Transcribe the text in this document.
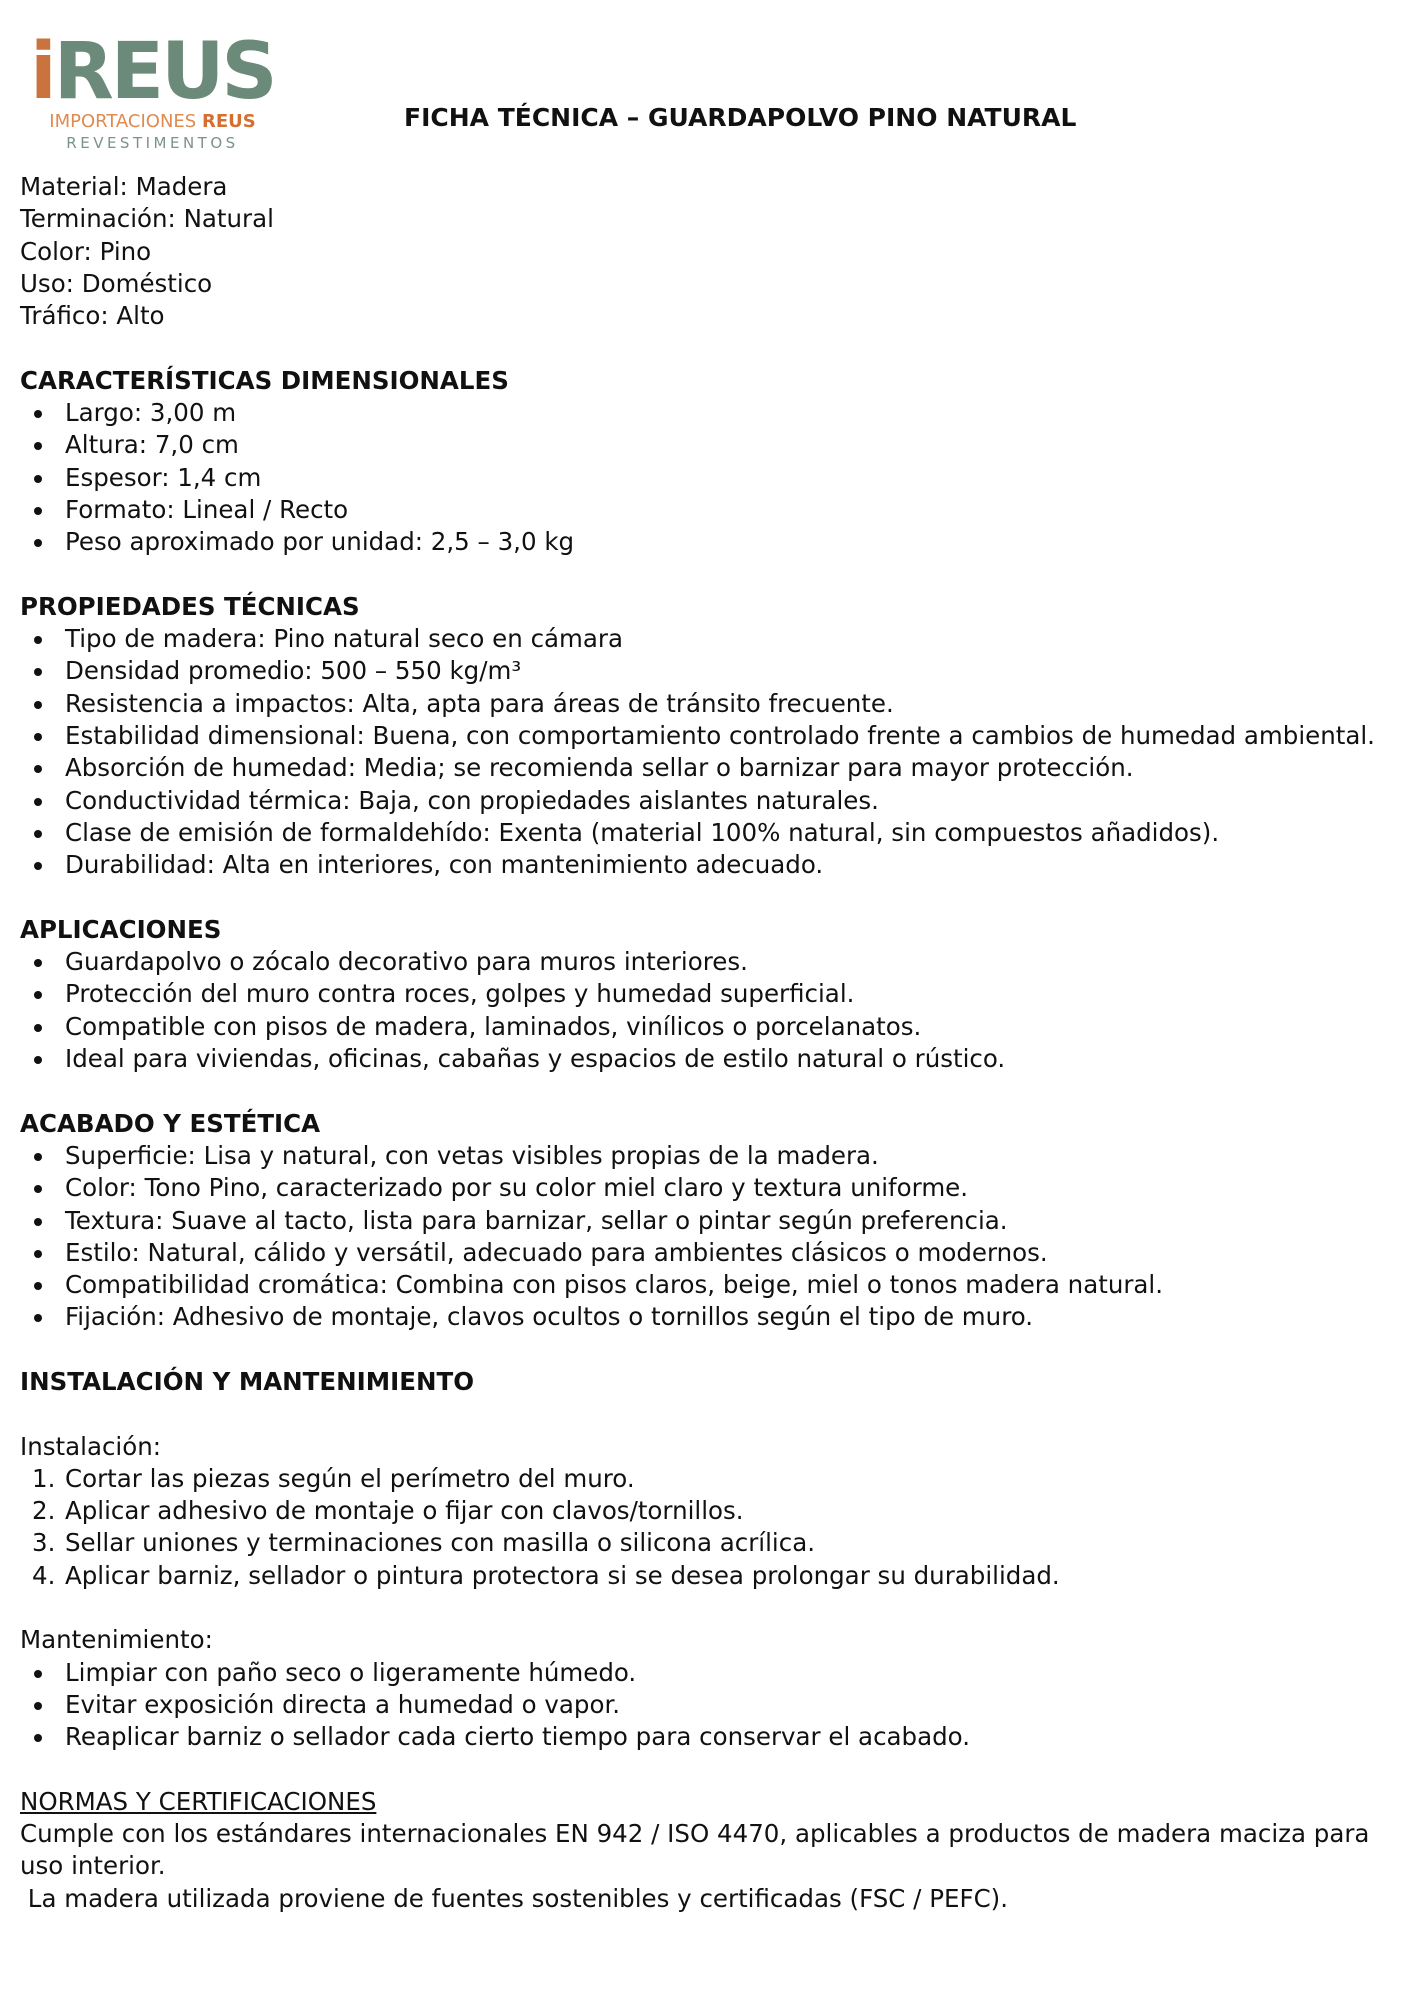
iREUS
IMPORTACIONES REUS
REVESTIMENTOS
FICHA TÉCNICA – GUARDAPOLVO PINO NATURAL
Material: Madera
Terminación: Natural
Color: Pino
Uso: Doméstico
Tráfico: Alto
CARACTERÍSTICAS DIMENSIONALES
Largo: 3,00 m
Altura: 7,0 cm
Espesor: 1,4 cm
Formato: Lineal / Recto
Peso aproximado por unidad: 2,5 – 3,0 kg
PROPIEDADES TÉCNICAS
Tipo de madera: Pino natural seco en cámara
Densidad promedio: 500 – 550 kg/m³
Resistencia a impactos: Alta, apta para áreas de tránsito frecuente.
Estabilidad dimensional: Buena, con comportamiento controlado frente a cambios de humedad ambiental.
Absorción de humedad: Media; se recomienda sellar o barnizar para mayor protección.
Conductividad térmica: Baja, con propiedades aislantes naturales.
Clase de emisión de formaldehído: Exenta (material 100% natural, sin compuestos añadidos).
Durabilidad: Alta en interiores, con mantenimiento adecuado.
APLICACIONES
Guardapolvo o zócalo decorativo para muros interiores.
Protección del muro contra roces, golpes y humedad superficial.
Compatible con pisos de madera, laminados, vinílicos o porcelanatos.
Ideal para viviendas, oficinas, cabañas y espacios de estilo natural o rústico.
ACABADO Y ESTÉTICA
Superficie: Lisa y natural, con vetas visibles propias de la madera.
Color: Tono Pino, caracterizado por su color miel claro y textura uniforme.
Textura: Suave al tacto, lista para barnizar, sellar o pintar según preferencia.
Estilo: Natural, cálido y versátil, adecuado para ambientes clásicos o modernos.
Compatibilidad cromática: Combina con pisos claros, beige, miel o tonos madera natural.
Fijación: Adhesivo de montaje, clavos ocultos o tornillos según el tipo de muro.
INSTALACIÓN Y MANTENIMIENTO
Instalación:
1. Cortar las piezas según el perímetro del muro.
2. Aplicar adhesivo de montaje o fijar con clavos/tornillos.
3. Sellar uniones y terminaciones con masilla o silicona acrílica.
4. Aplicar barniz, sellador o pintura protectora si se desea prolongar su durabilidad.
Mantenimiento:
Limpiar con paño seco o ligeramente húmedo.
Evitar exposición directa a humedad o vapor.
Reaplicar barniz o sellador cada cierto tiempo para conservar el acabado.
NORMAS Y CERTIFICACIONES
Cumple con los estándares internacionales EN 942 / ISO 4470, aplicables a productos de madera maciza para uso interior.
La madera utilizada proviene de fuentes sostenibles y certificadas (FSC / PEFC).
